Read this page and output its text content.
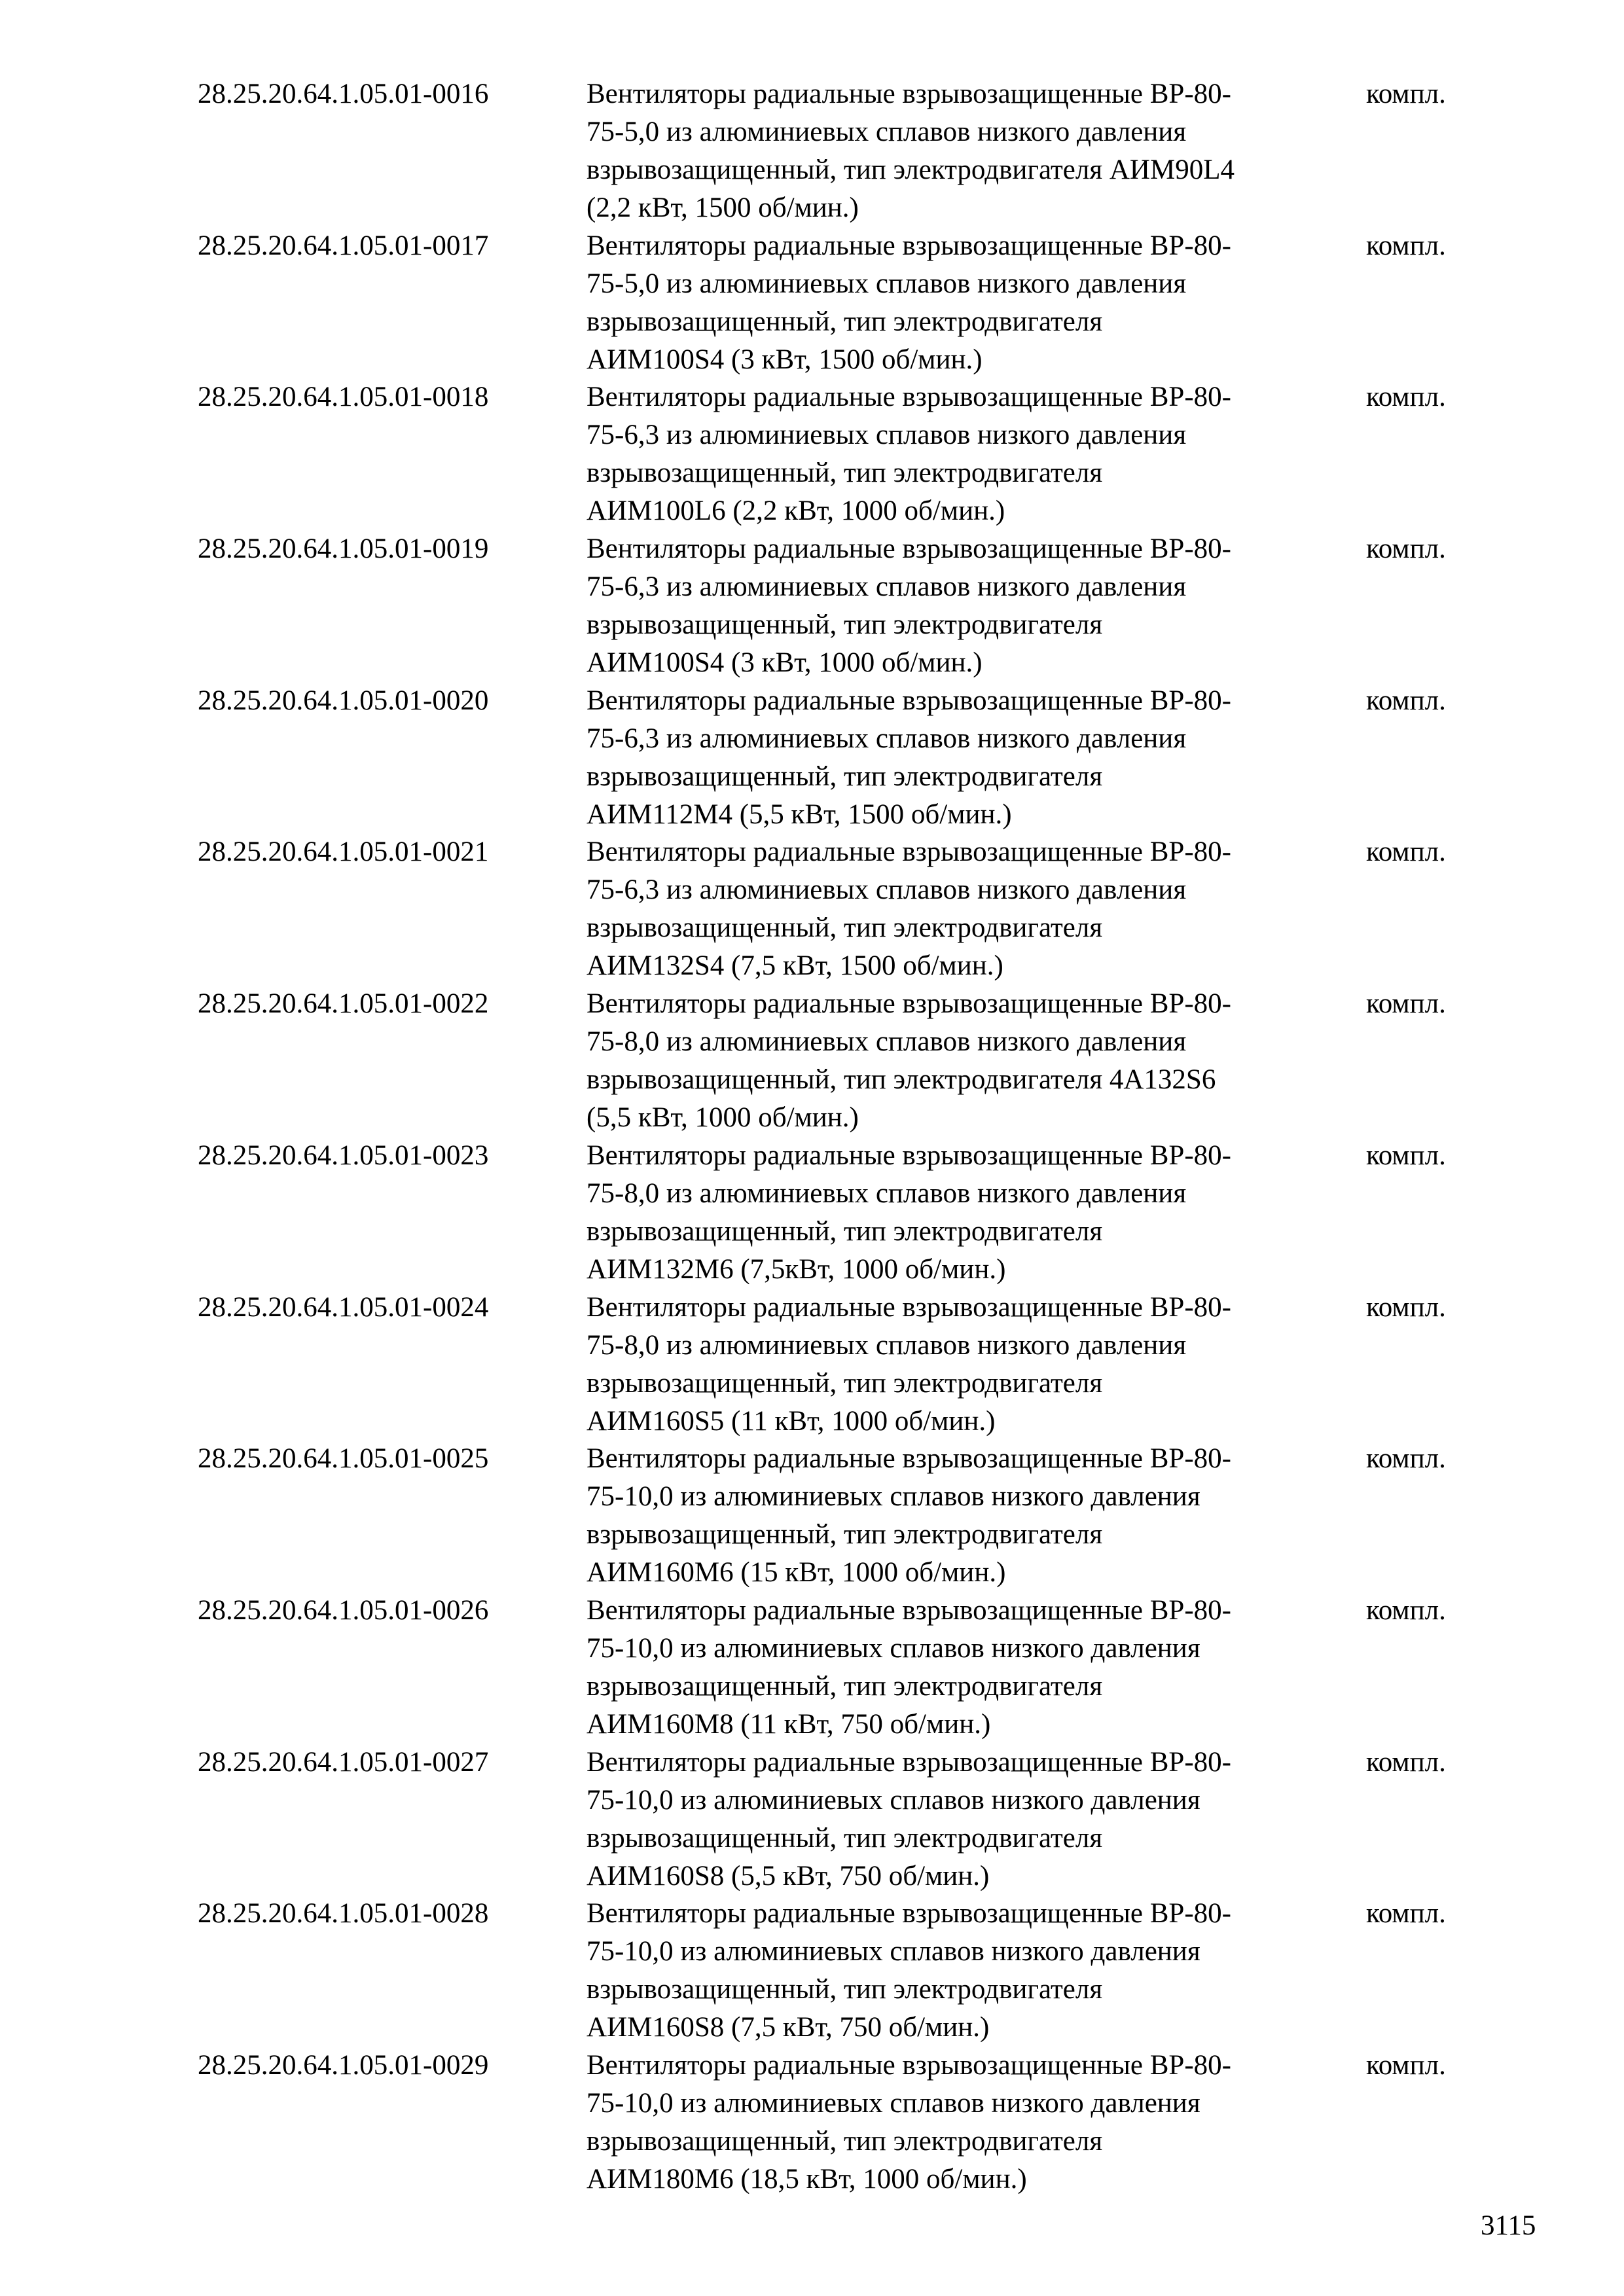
28.25.20.64.1.05.01-0016	Вентиляторы радиальные взрывозащищенные ВР-80-
75-5,0 из алюминиевых сплавов низкого давления
взрывозащищенный, тип электродвигателя АИМ90L4
(2,2 кВт, 1500 об/мин.)
компл.
28.25.20.64.1.05.01-0017	Вентиляторы радиальные взрывозащищенные ВР-80-
75-5,0 из алюминиевых сплавов низкого давления
взрывозащищенный, тип электродвигателя
АИМ100S4 (3 кВт, 1500 об/мин.)
компл.
28.25.20.64.1.05.01-0018	Вентиляторы радиальные взрывозащищенные ВР-80-
75-6,3 из алюминиевых сплавов низкого давления
взрывозащищенный, тип электродвигателя
АИМ100L6 (2,2 кВт, 1000 об/мин.)
компл.
28.25.20.64.1.05.01-0019	Вентиляторы радиальные взрывозащищенные ВР-80-
75-6,3 из алюминиевых сплавов низкого давления
взрывозащищенный, тип электродвигателя
АИМ100S4 (3 кВт, 1000 об/мин.)
компл.
28.25.20.64.1.05.01-0020	Вентиляторы радиальные взрывозащищенные ВР-80-
75-6,3 из алюминиевых сплавов низкого давления
взрывозащищенный, тип электродвигателя
АИМ112М4 (5,5 кВт, 1500 об/мин.)
компл.
28.25.20.64.1.05.01-0021	Вентиляторы радиальные взрывозащищенные ВР-80-
75-6,3 из алюминиевых сплавов низкого давления
взрывозащищенный, тип электродвигателя
АИМ132S4 (7,5 кВт, 1500 об/мин.)
компл.
28.25.20.64.1.05.01-0022	Вентиляторы радиальные взрывозащищенные ВР-80-
75-8,0 из алюминиевых сплавов низкого давления
взрывозащищенный, тип электродвигателя 4А132S6
(5,5 кВт, 1000 об/мин.)
компл.
28.25.20.64.1.05.01-0023	Вентиляторы радиальные взрывозащищенные ВР-80-
75-8,0 из алюминиевых сплавов низкого давления
взрывозащищенный, тип электродвигателя
АИМ132М6 (7,5кВт, 1000 об/мин.)
компл.
28.25.20.64.1.05.01-0024	Вентиляторы радиальные взрывозащищенные ВР-80-
75-8,0 из алюминиевых сплавов низкого давления
взрывозащищенный, тип электродвигателя
АИМ160S5 (11 кВт, 1000 об/мин.)
компл.
28.25.20.64.1.05.01-0025	Вентиляторы радиальные взрывозащищенные ВР-80-
75-10,0 из алюминиевых сплавов низкого давления
взрывозащищенный, тип электродвигателя
АИМ160М6 (15 кВт, 1000 об/мин.)
компл.
28.25.20.64.1.05.01-0026	Вентиляторы радиальные взрывозащищенные ВР-80-
75-10,0 из алюминиевых сплавов низкого давления
взрывозащищенный, тип электродвигателя
АИМ160М8 (11 кВт, 750 об/мин.)
компл.
28.25.20.64.1.05.01-0027	Вентиляторы радиальные взрывозащищенные ВР-80-
75-10,0 из алюминиевых сплавов низкого давления
взрывозащищенный, тип электродвигателя
АИМ160S8 (5,5 кВт, 750 об/мин.)
компл.
28.25.20.64.1.05.01-0028	Вентиляторы радиальные взрывозащищенные ВР-80-
75-10,0 из алюминиевых сплавов низкого давления
взрывозащищенный, тип электродвигателя
АИМ160S8 (7,5 кВт, 750 об/мин.)
компл.
28.25.20.64.1.05.01-0029	Вентиляторы радиальные взрывозащищенные ВР-80-
75-10,0 из алюминиевых сплавов низкого давления
взрывозащищенный, тип электродвигателя
АИМ180М6 (18,5 кВт, 1000 об/мин.)
компл.
3115
